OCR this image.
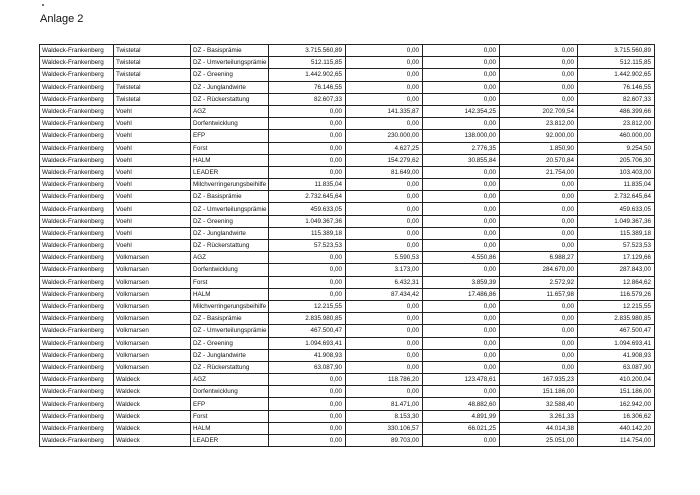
Anlage 2
Waldeck-Frankenberg	Twistetal	DZ - Basisprämie	3.715.560,89	0,00	0,00	0,00	3.715.560,89
Waldeck-Frankenberg	Twistetal	DZ - Umverteilungsprämie	512.115,85	0,00	0,00	0,00	512.115,85
Waldeck-Frankenberg	Twistetal	DZ - Greening	1.442.902,65	0,00	0,00	0,00	1.442.902,65
Waldeck-Frankenberg	Twistetal	DZ - Junglandwirte	76.146,55	0,00	0,00	0,00	76.146,55
Waldeck-Frankenberg	Twistetal	DZ - Rückerstattung	82.607,33	0,00	0,00	0,00	82.607,33
Waldeck-Frankenberg	Voehl	AGZ	0,00	141.335,87	142.354,25	202.709,54	486.399,66
Waldeck-Frankenberg	Voehl	Dorfentwicklung	0,00	0,00	0,00	23.812,00	23.812,00
Waldeck-Frankenberg	Voehl	EFP	0,00	230.000,00	138.000,00	92.000,00	460.000,00
Waldeck-Frankenberg	Voehl	Forst	0,00	4.627,25	2.776,35	1.850,90	9.254,50
Waldeck-Frankenberg	Voehl	HALM	0,00	154.279,62	30.855,84	20.570,84	205.706,30
Waldeck-Frankenberg	Voehl	LEADER	0,00	81.649,00	0,00	21.754,00	103.403,00
Waldeck-Frankenberg	Voehl	Milchverringerungsbeihilfe	11.835,04	0,00	0,00	0,00	11.835,04
Waldeck-Frankenberg	Voehl	DZ - Basisprämie	2.732.645,64	0,00	0,00	0,00	2.732.645,64
Waldeck-Frankenberg	Voehl	DZ - Umverteilungsprämie	459.633,05	0,00	0,00	0,00	459.633,05
Waldeck-Frankenberg	Voehl	DZ - Greening	1.049.367,36	0,00	0,00	0,00	1.049.367,36
Waldeck-Frankenberg	Voehl	DZ - Junglandwirte	115.389,18	0,00	0,00	0,00	115.389,18
Waldeck-Frankenberg	Voehl	DZ - Rückerstattung	57.523,53	0,00	0,00	0,00	57.523,53
Waldeck-Frankenberg	Volkmarsen	AGZ	0,00	5.590,53	4.550,86	6.988,27	17.129,66
Waldeck-Frankenberg	Volkmarsen	Dorfentwicklung	0,00	3.173,00	0,00	284.670,00	287.843,00
Waldeck-Frankenberg	Volkmarsen	Forst	0,00	6.432,31	3.859,39	2.572,92	12.864,62
Waldeck-Frankenberg	Volkmarsen	HALM	0,00	87.434,42	17.486,86	11.657,98	116.579,26
Waldeck-Frankenberg	Volkmarsen	Milchverringerungsbeihilfe	12.215,55	0,00	0,00	0,00	12.215,55
Waldeck-Frankenberg	Volkmarsen	DZ - Basisprämie	2.835.980,85	0,00	0,00	0,00	2.835.980,85
Waldeck-Frankenberg	Volkmarsen	DZ - Umverteilungsprämie	467.500,47	0,00	0,00	0,00	467.500,47
Waldeck-Frankenberg	Volkmarsen	DZ - Greening	1.094.693,41	0,00	0,00	0,00	1.094.693,41
Waldeck-Frankenberg	Volkmarsen	DZ - Junglandwirte	41.908,93	0,00	0,00	0,00	41.908,93
Waldeck-Frankenberg	Volkmarsen	DZ - Rückerstattung	63.087,90	0,00	0,00	0,00	63.087,90
Waldeck-Frankenberg	Waldeck	AGZ	0,00	118.786,20	123.478,61	167.935,23	410.200,04
Waldeck-Frankenberg	Waldeck	Dorfentwicklung	0,00	0,00	0,00	151.186,00	151.186,00
Waldeck-Frankenberg	Waldeck	EFP	0,00	81.471,00	48.882,60	32.588,40	162.942,00
Waldeck-Frankenberg	Waldeck	Forst	0,00	8.153,30	4.891,99	3.261,33	16.306,62
Waldeck-Frankenberg	Waldeck	HALM	0,00	330.106,57	66.021,25	44.014,38	440.142,20
Waldeck-Frankenberg	Waldeck	LEADER	0,00	89.703,00	0,00	25.051,00	114.754,00
